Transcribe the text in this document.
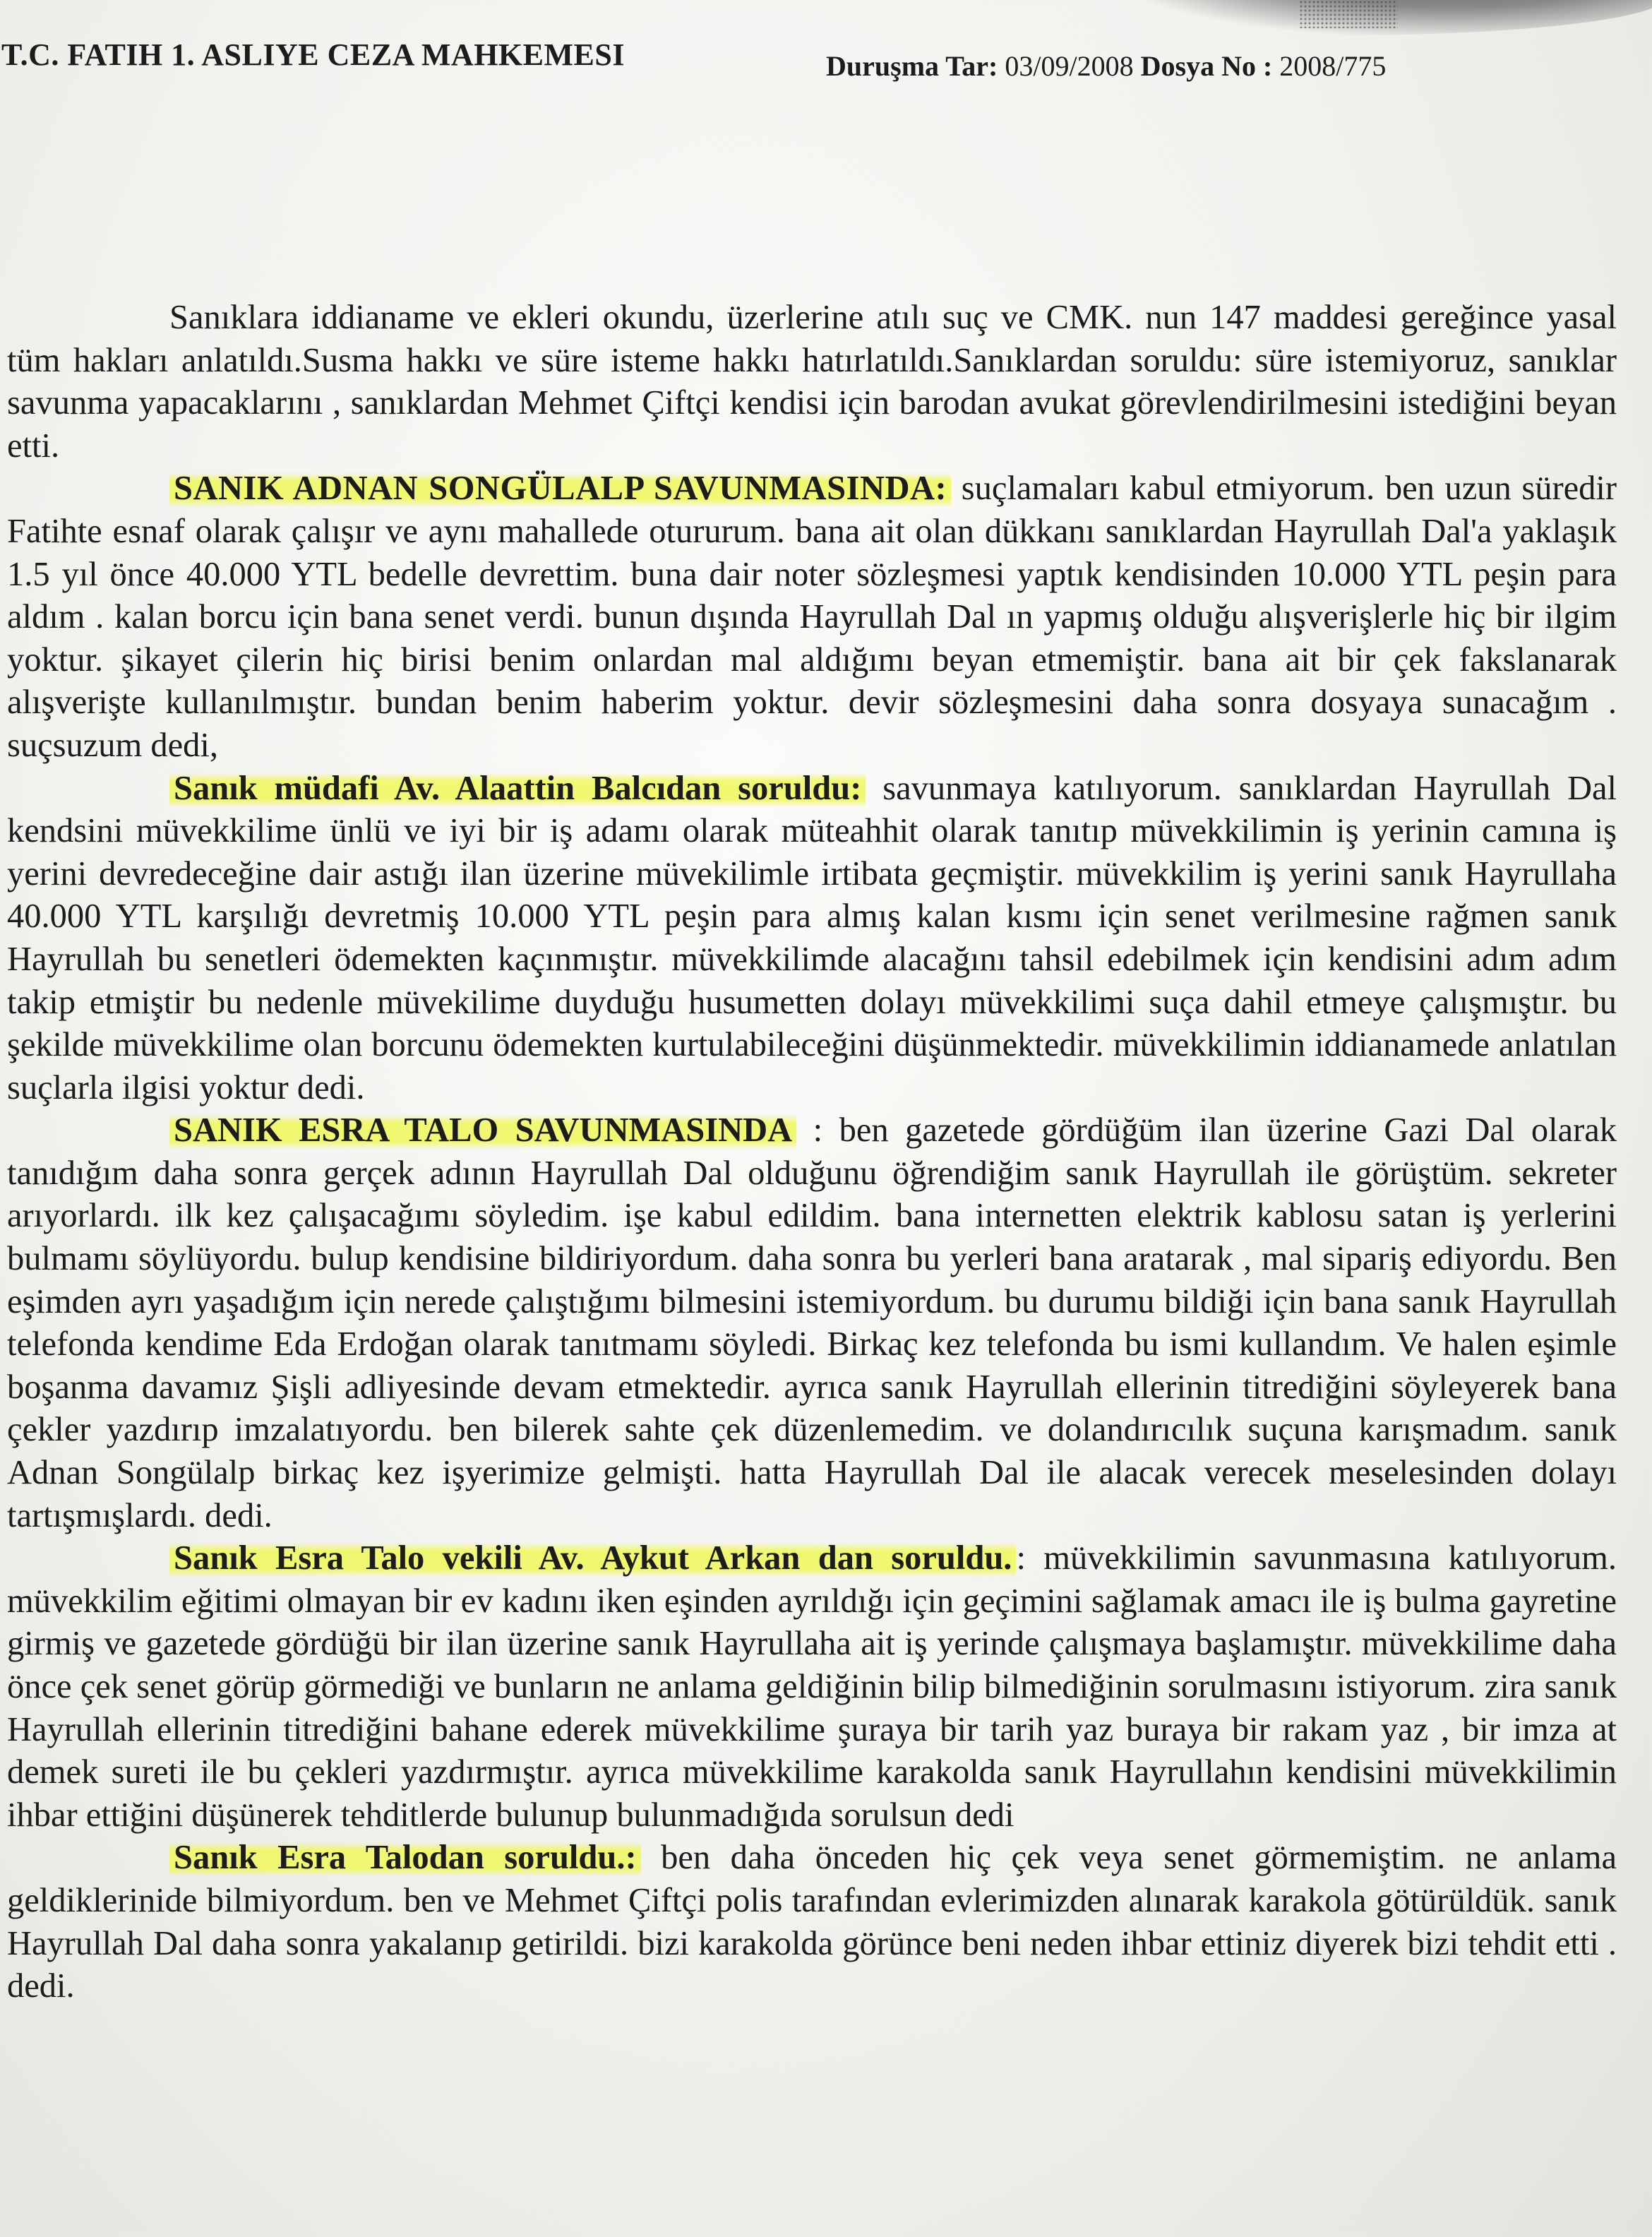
T.C. FATIH 1. ASLIYE CEZA MAHKEMESI	Duruşma Tar: 03/09/2008 Dosya No : 2008/775

Sanıklara iddianame ve ekleri okundu, üzerlerine atılı suç ve CMK. nun 147 maddesi gereğince yasal tüm hakları anlatıldı.Susma hakkı ve süre isteme hakkı hatırlatıldı.Sanıklardan soruldu: süre istemiyoruz, sanıklar savunma yapacaklarını , sanıklardan Mehmet Çiftçi kendisi için barodan avukat görevlendirilmesini istediğini beyan etti.

SANIK ADNAN SONGÜLALP SAVUNMASINDA: suçlamaları kabul etmiyorum. ben uzun süredir Fatihte esnaf olarak çalışır ve aynı mahallede otururum. bana ait olan dükkanı sanıklardan Hayrullah Dal'a yaklaşık 1.5 yıl önce 40.000 YTL bedelle devrettim. buna dair noter sözleşmesi yaptık kendisinden 10.000 YTL peşin para aldım . kalan borcu için bana senet verdi. bunun dışında Hayrullah Dal ın yapmış olduğu alışverişlerle hiç bir ilgim yoktur. şikayet çilerin hiç birisi benim onlardan mal aldığımı beyan etmemiştir. bana ait bir çek fakslanarak alışverişte kullanılmıştır. bundan benim haberim yoktur. devir sözleşmesini daha sonra dosyaya sunacağım . suçsuzum dedi,

Sanık müdafi Av. Alaattin Balcıdan soruldu: savunmaya katılıyorum. sanıklardan Hayrullah Dal kendsini müvekkilime ünlü ve iyi bir iş adamı olarak müteahhit olarak tanıtıp müvekkilimin iş yerinin camına iş yerini devredeceğine dair astığı ilan üzerine müvekilimle irtibata geçmiştir. müvekkilim iş yerini sanık Hayrullaha 40.000 YTL karşılığı devretmiş 10.000 YTL peşin para almış kalan kısmı için senet verilmesine rağmen sanık Hayrullah bu senetleri ödemekten kaçınmıştır. müvekkilimde alacağını tahsil edebilmek için kendisini adım adım takip etmiştir bu nedenle müvekilime duyduğu husumetten dolayı müvekkilimi suça dahil etmeye çalışmıştır. bu şekilde müvekkilime olan borcunu ödemekten kurtulabileceğini düşünmektedir. müvekkilimin iddianamede anlatılan suçlarla ilgisi yoktur dedi.

SANIK ESRA TALO SAVUNMASINDA : ben gazetede gördüğüm ilan üzerine Gazi Dal olarak tanıdığım daha sonra gerçek adının Hayrullah Dal olduğunu öğrendiğim sanık Hayrullah ile görüştüm. sekreter arıyorlardı. ilk kez çalışacağımı söyledim. işe kabul edildim. bana internetten elektrik kablosu satan iş yerlerini bulmamı söylüyordu. bulup kendisine bildiriyordum. daha sonra bu yerleri bana aratarak , mal sipariş ediyordu. Ben eşimden ayrı yaşadığım için nerede çalıştığımı bilmesini istemiyordum. bu durumu bildiği için bana sanık Hayrullah telefonda kendime Eda Erdoğan olarak tanıtmamı söyledi. Birkaç kez telefonda bu ismi kullandım. Ve halen eşimle boşanma davamız Şişli adliyesinde devam etmektedir. ayrıca sanık Hayrullah ellerinin titrediğini söyleyerek bana çekler yazdırıp imzalatıyordu. ben bilerek sahte çek düzenlemedim. ve dolandırıcılık suçuna karışmadım. sanık Adnan Songülalp birkaç kez işyerimize gelmişti. hatta Hayrullah Dal ile alacak verecek meselesinden dolayı tartışmışlardı. dedi.

Sanık Esra Talo vekili Av. Aykut Arkan dan soruldu. : müvekkilimin savunmasına katılıyorum. müvekkilim eğitimi olmayan bir ev kadını iken eşinden ayrıldığı için geçimini sağlamak amacı ile iş bulma gayretine girmiş ve gazetede gördüğü bir ilan üzerine sanık Hayrullaha ait iş yerinde çalışmaya başlamıştır. müvekkilime daha önce çek senet görüp görmediği ve bunların ne anlama geldiğinin bilip bilmediğinin sorulmasını istiyorum. zira sanık Hayrullah ellerinin titrediğini bahane ederek müvekkilime şuraya bir tarih yaz buraya bir rakam yaz , bir imza at demek sureti ile bu çekleri yazdırmıştır. ayrıca müvekkilime karakolda sanık Hayrullahın kendisini müvekkilimin ihbar ettiğini düşünerek tehditlerde bulunup bulunmadığıda sorulsun dedi

Sanık Esra Talodan soruldu.: ben daha önceden hiç çek veya senet görmemiştim. ne anlama geldiklerinide bilmiyordum. ben ve Mehmet Çiftçi polis tarafından evlerimizden alınarak karakola götürüldük. sanık Hayrullah Dal daha sonra yakalanıp getirildi. bizi karakolda görünce beni neden ihbar ettiniz diyerek bizi tehdit etti . dedi.
